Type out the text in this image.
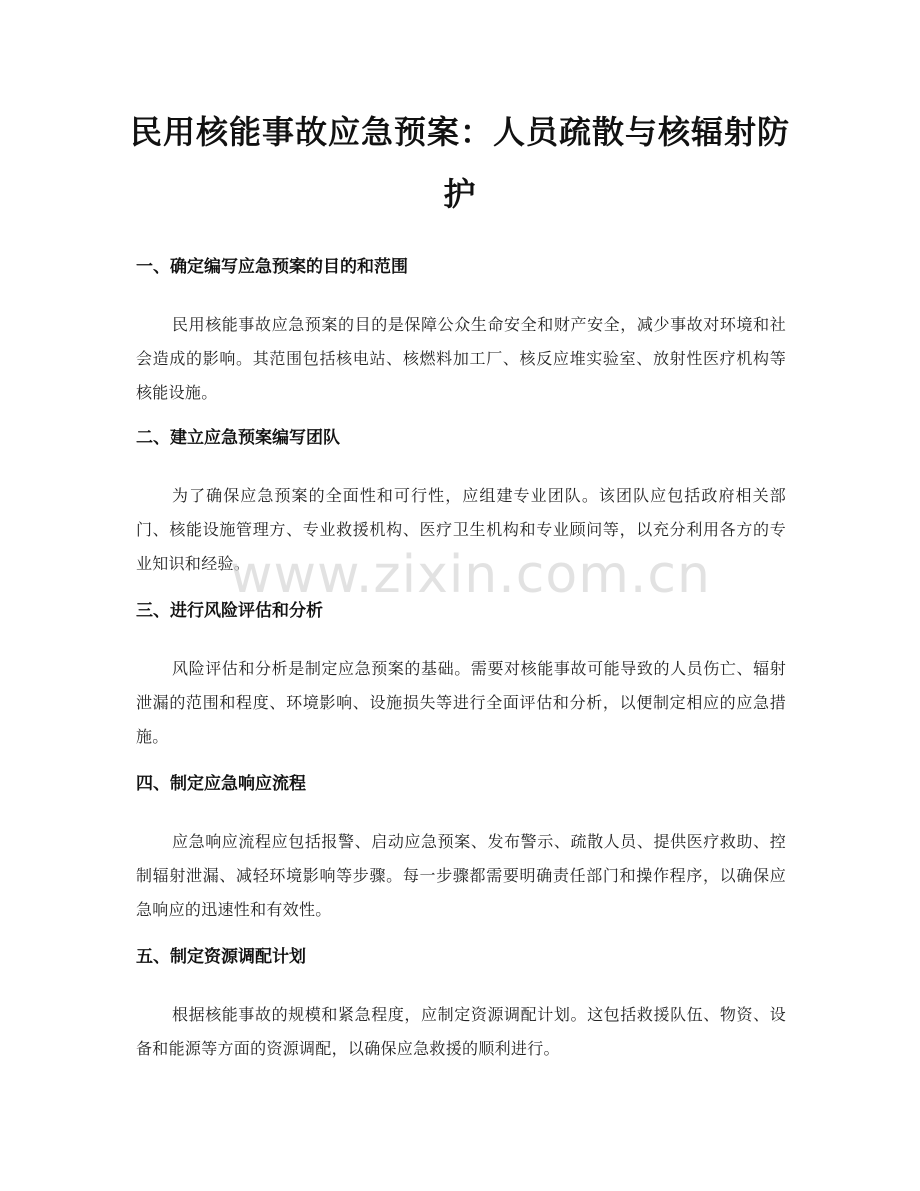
民用核能事故应急预案：人员疏散与核辐射防护
一、确定编写应急预案的目的和范围

民用核能事故应急预案的目的是保障公众生命安全和财产安全，减少事故对环境和社会造成的影响。其范围包括核电站、核燃料加工厂、核反应堆实验室、放射性医疗机构等核能设施。

二、建立应急预案编写团队

为了确保应急预案的全面性和可行性，应组建专业团队。该团队应包括政府相关部门、核能设施管理方、专业救援机构、医疗卫生机构和专业顾问等，以充分利用各方的专业知识和经验。

三、进行风险评估和分析

风险评估和分析是制定应急预案的基础。需要对核能事故可能导致的人员伤亡、辐射泄漏的范围和程度、环境影响、设施损失等进行全面评估和分析，以便制定相应的应急措施。

四、制定应急响应流程

应急响应流程应包括报警、启动应急预案、发布警示、疏散人员、提供医疗救助、控制辐射泄漏、减轻环境影响等步骤。每一步骤都需要明确责任部门和操作程序，以确保应急响应的迅速性和有效性。

五、制定资源调配计划

根据核能事故的规模和紧急程度，应制定资源调配计划。这包括救援队伍、物资、设备和能源等方面的资源调配，以确保应急救援的顺利进行。

www.zixin.com.cn
